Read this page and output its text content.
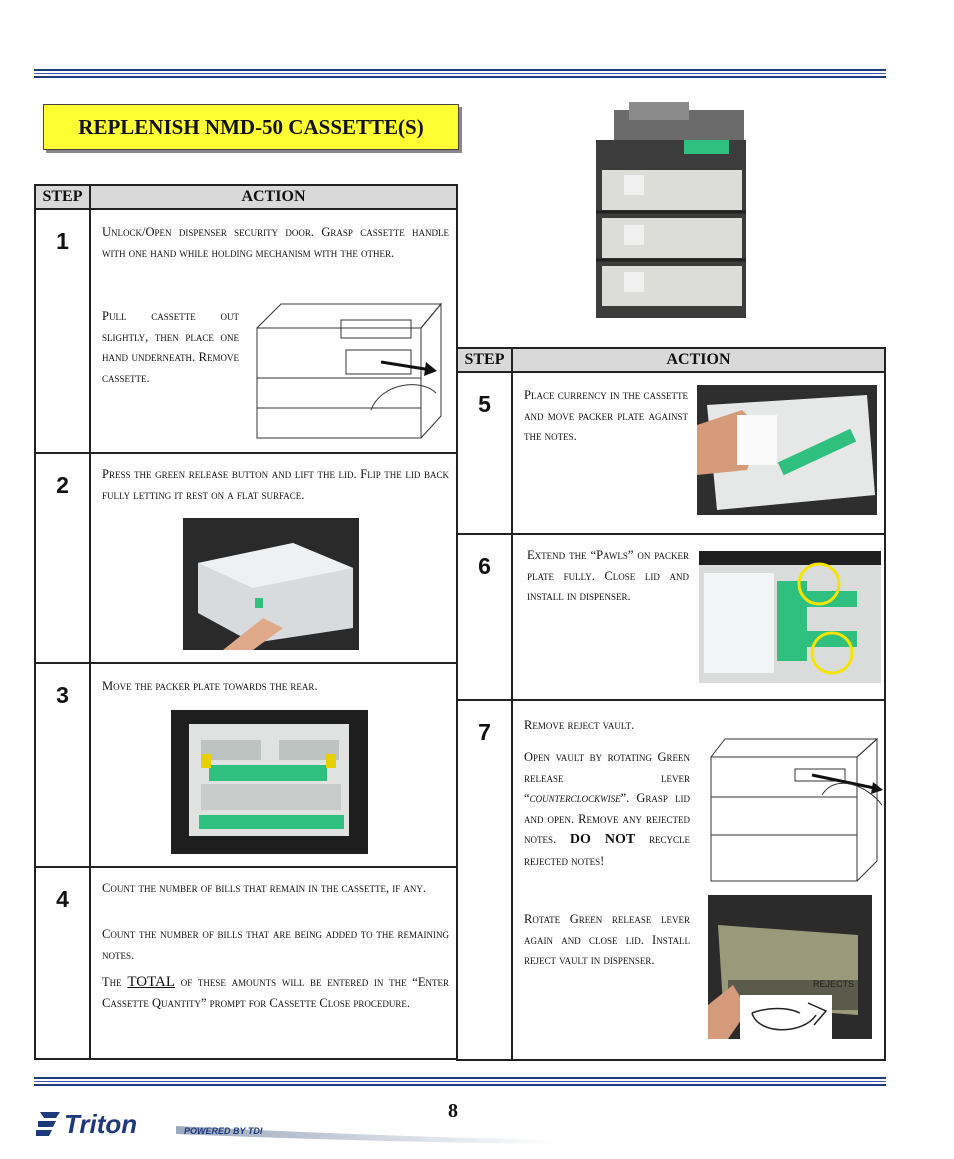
REPLENISH NMD-50 CASSETTE(S)
STEP	ACTION

1	Unlock/Open dispenser security door. Grasp cassette handle with one hand while holding mechanism with the other.

Pull cassette out slightly, then place one hand underneath. Remove cassette.

2	Press the green release button and lift the lid. Flip the lid back fully letting it rest on a flat surface.

3	Move the packer plate towards the rear.

4	Count the number of bills that remain in the cassette, if any.

Count the number of bills that are being added to the remaining notes.

The TOTAL of these amounts will be entered in the “Enter Cassette Quantity” prompt for Cassette Close procedure.

STEP	ACTION

5	Place currency in the cassette and move packer plate against the notes.

6	Extend the “Pawls” on packer plate fully. Close lid and install in dispenser.

7	Remove reject vault.

Open vault by rotating Green release lever “counterclockwise”. Grasp lid and open. Remove any rejected notes. DO NOT recycle rejected notes!

Rotate Green release lever again and close lid. Install reject vault in dispenser.

REJECTS
8
Triton	POWERED BY TDI
